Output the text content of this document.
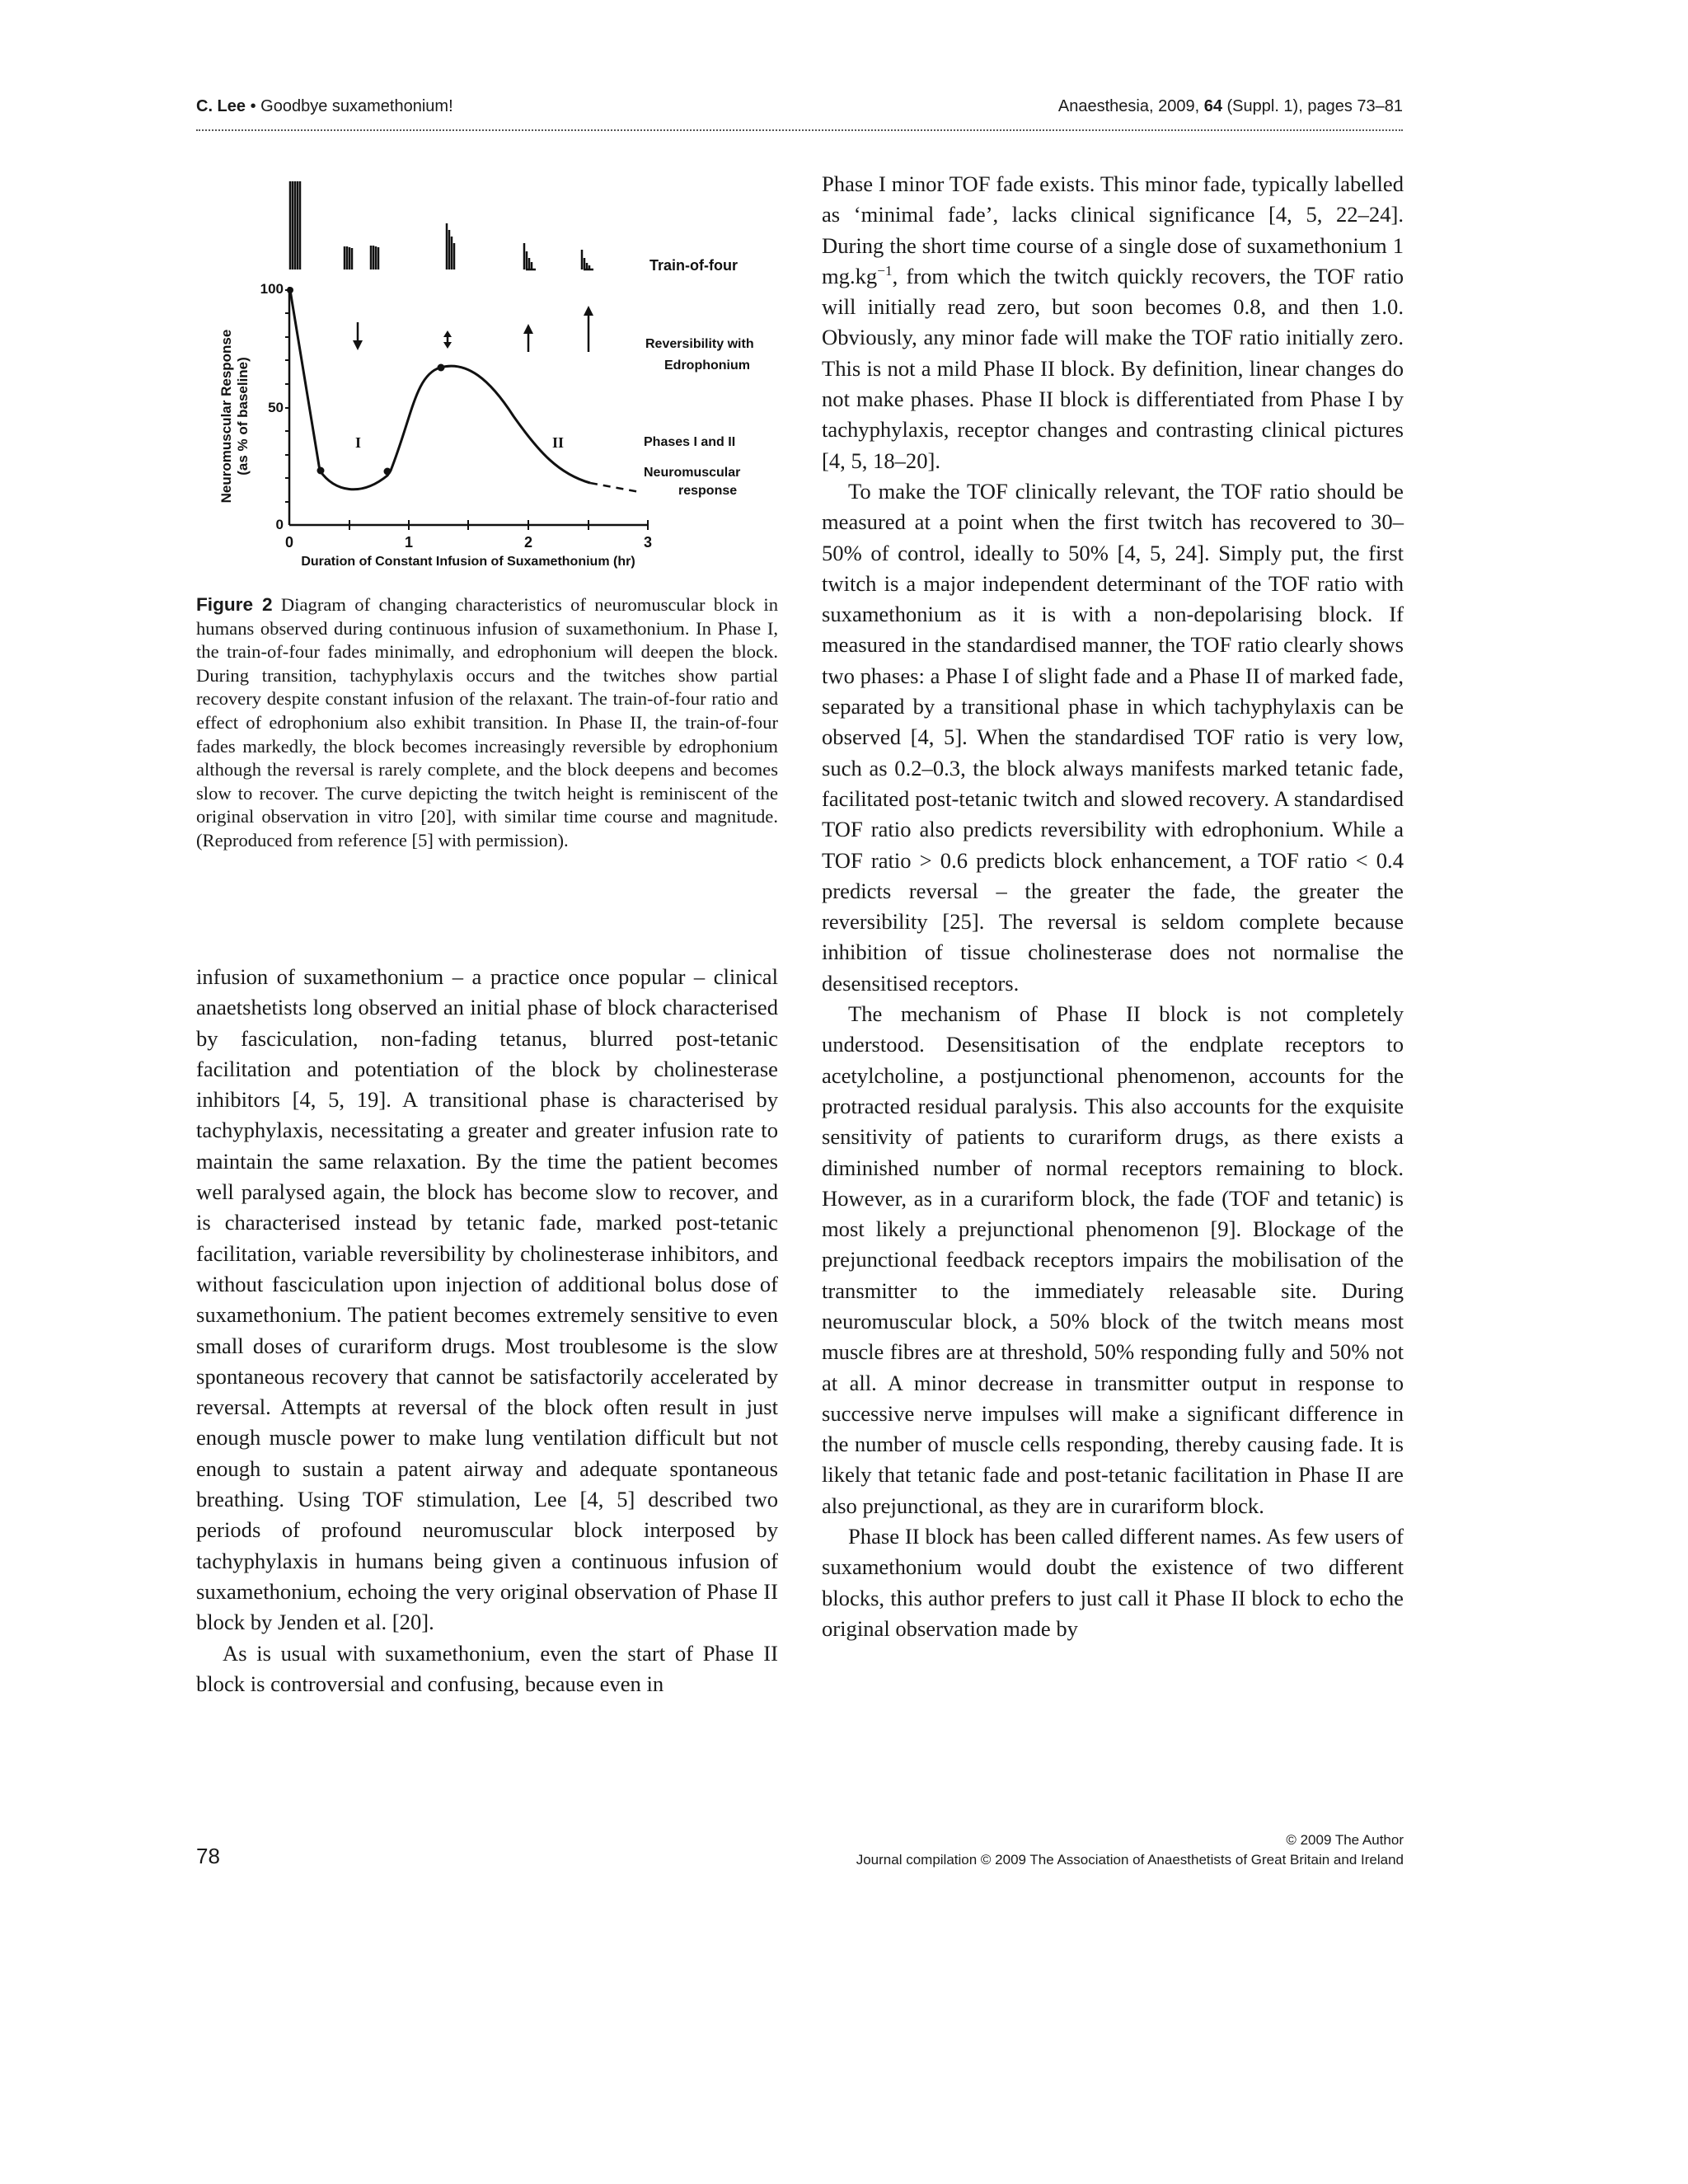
C. Lee • Goodbye suxamethonium!	Anaesthesia, 2009, 64 (Suppl. 1), pages 73–81
Neuromuscular Response (as % of baseline)
100
50
0
0	1	2	3
Duration of Constant Infusion of Suxamethonium (hr)
Train-of-four
Reversibility with
Edrophonium
Phases I and II
Neuromuscular
response
I	II
Figure 2 Diagram of changing characteristics of neuromuscular block in humans observed during continuous infusion of suxamethonium. In Phase I, the train-of-four fades minimally, and edrophonium will deepen the block. During transition, tachyphylaxis occurs and the twitches show partial recovery despite constant infusion of the relaxant. The train-of-four ratio and effect of edrophonium also exhibit transition. In Phase II, the train-of-four fades markedly, the block becomes increasingly reversible by edrophonium although the reversal is rarely complete, and the block deepens and becomes slow to recover. The curve depicting the twitch height is reminiscent of the original observation in vitro [20], with similar time course and magnitude. (Reproduced from reference [5] with permission).

infusion of suxamethonium – a practice once popular – clinical anaetshetists long observed an initial phase of block characterised by fasciculation, non-fading tetanus, blurred post-tetanic facilitation and potentiation of the block by cholinesterase inhibitors [4, 5, 19]. A transitional phase is characterised by tachyphylaxis, necessitating a greater and greater infusion rate to maintain the same relaxation. By the time the patient becomes well paralysed again, the block has become slow to recover, and is characterised instead by tetanic fade, marked post-tetanic facilitation, variable reversibility by cholinesterase inhibitors, and without fasciculation upon injection of additional bolus dose of suxamethonium. The patient becomes extremely sensitive to even small doses of curariform drugs. Most troublesome is the slow spontaneous recovery that cannot be satisfactorily accelerated by reversal. Attempts at reversal of the block often result in just enough muscle power to make lung ventilation difficult but not enough to sustain a patent airway and adequate spontaneous breathing. Using TOF stimulation, Lee [4, 5] described two periods of profound neuromuscular block interposed by tachyphylaxis in humans being given a continuous infusion of suxamethonium, echoing the very original observation of Phase II block by Jenden et al. [20].

As is usual with suxamethonium, even the start of Phase II block is controversial and confusing, because even in

Phase I minor TOF fade exists. This minor fade, typically labelled as ‘minimal fade’, lacks clinical significance [4, 5, 22–24]. During the short time course of a single dose of suxamethonium 1 $mg.kg^{-1}$, from which the twitch quickly recovers, the TOF ratio will initially read zero, but soon becomes 0.8, and then 1.0. Obviously, any minor fade will make the TOF ratio initially zero. This is not a mild Phase II block. By definition, linear changes do not make phases. Phase II block is differentiated from Phase I by tachyphylaxis, receptor changes and contrasting clinical pictures [4, 5, 18–20].

To make the TOF clinically relevant, the TOF ratio should be measured at a point when the first twitch has recovered to 30–50% of control, ideally to 50% [4, 5, 24]. Simply put, the first twitch is a major independent determinant of the TOF ratio with suxamethonium as it is with a non-depolarising block. If measured in the standardised manner, the TOF ratio clearly shows two phases: a Phase I of slight fade and a Phase II of marked fade, separated by a transitional phase in which tachyphylaxis can be observed [4, 5]. When the standardised TOF ratio is very low, such as 0.2–0.3, the block always manifests marked tetanic fade, facilitated post-tetanic twitch and slowed recovery. A standardised TOF ratio also predicts reversibility with edrophonium. While a TOF ratio > 0.6 predicts block enhancement, a TOF ratio < 0.4 predicts reversal – the greater the fade, the greater the reversibility [25]. The reversal is seldom complete because inhibition of tissue cholinesterase does not normalise the desensitised receptors.

The mechanism of Phase II block is not completely understood. Desensitisation of the endplate receptors to acetylcholine, a postjunctional phenomenon, accounts for the protracted residual paralysis. This also accounts for the exquisite sensitivity of patients to curariform drugs, as there exists a diminished number of normal receptors remaining to block. However, as in a curariform block, the fade (TOF and tetanic) is most likely a prejunctional phenomenon [9]. Blockage of the prejunctional feedback receptors impairs the mobilisation of the transmitter to the immediately releasable site. During neuromuscular block, a 50% block of the twitch means most muscle fibres are at threshold, 50% responding fully and 50% not at all. A minor decrease in transmitter output in response to successive nerve impulses will make a significant difference in the number of muscle cells responding, thereby causing fade. It is likely that tetanic fade and post-tetanic facilitation in Phase II are also prejunctional, as they are in curariform block.

Phase II block has been called different names. As few users of suxamethonium would doubt the existence of two different blocks, this author prefers to just call it Phase II block to echo the original observation made by

78
© 2009 The Author
Journal compilation © 2009 The Association of Anaesthetists of Great Britain and Ireland
